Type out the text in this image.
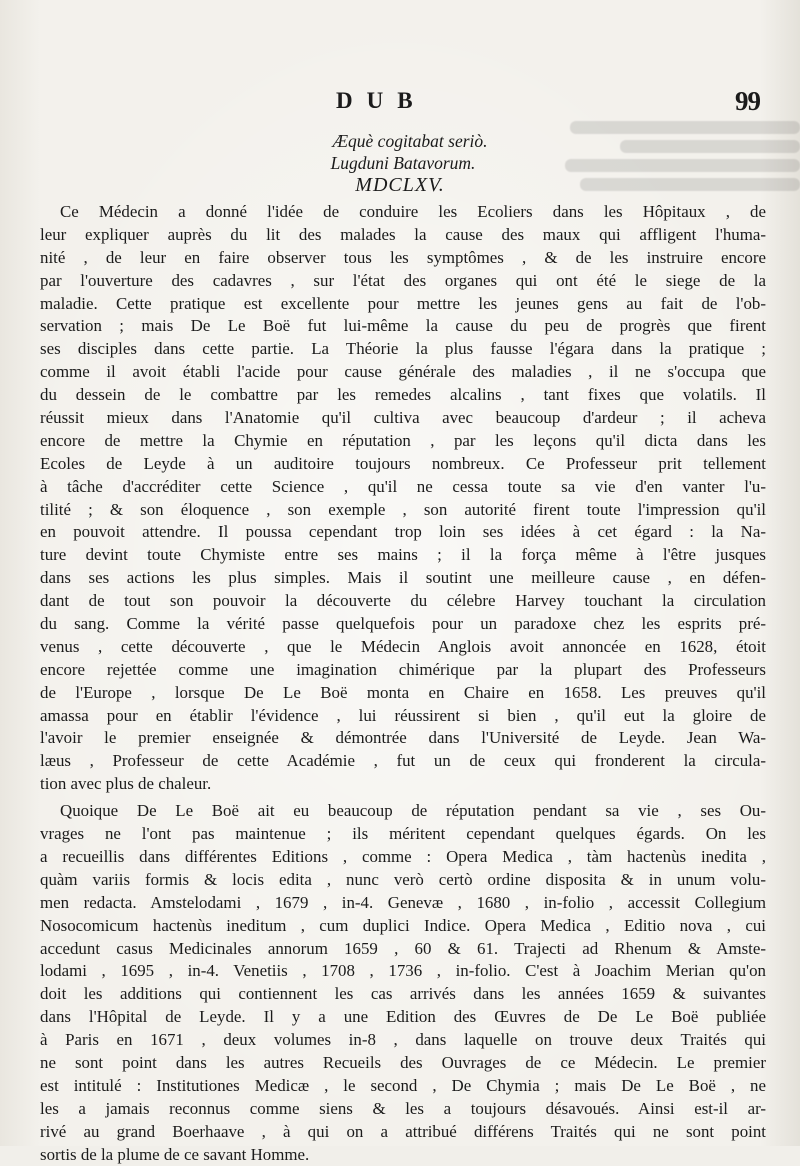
DUB	99
Æquè cogitabat seriò.
Lugduni Batavorum.
MDCLXV.
Ce Médecin a donné l'idée de conduire les Ecoliers dans les Hôpitaux , de
leur expliquer auprès du lit des malades la cause des maux qui affligent l'huma-
nité , de leur en faire observer tous les symptômes , & de les instruire encore
par l'ouverture des cadavres , sur l'état des organes qui ont été le siege de la
maladie. Cette pratique est excellente pour mettre les jeunes gens au fait de l'ob-
servation ; mais De Le Boë fut lui-même la cause du peu de progrès que firent
ses disciples dans cette partie. La Théorie la plus fausse l'égara dans la pratique ;
comme il avoit établi l'acide pour cause générale des maladies , il ne s'occupa que
du dessein de le combattre par les remedes alcalins , tant fixes que volatils. Il
réussit mieux dans l'Anatomie qu'il cultiva avec beaucoup d'ardeur ; il acheva
encore de mettre la Chymie en réputation , par les leçons qu'il dicta dans les
Ecoles de Leyde à un auditoire toujours nombreux. Ce Professeur prit tellement
à tâche d'accréditer cette Science , qu'il ne cessa toute sa vie d'en vanter l'u-
tilité ; & son éloquence , son exemple , son autorité firent toute l'impression qu'il
en pouvoit attendre. Il poussa cependant trop loin ses idées à cet égard : la Na-
ture devint toute Chymiste entre ses mains ; il la força même à l'être jusques
dans ses actions les plus simples. Mais il soutint une meilleure cause , en défen-
dant de tout son pouvoir la découverte du célebre Harvey touchant la circulation
du sang. Comme la vérité passe quelquefois pour un paradoxe chez les esprits pré-
venus , cette découverte , que le Médecin Anglois avoit annoncée en 1628, étoit
encore rejettée comme une imagination chimérique par la plupart des Professeurs
de l'Europe , lorsque De Le Boë monta en Chaire en 1658. Les preuves qu'il
amassa pour en établir l'évidence , lui réussirent si bien , qu'il eut la gloire de
l'avoir le premier enseignée & démontrée dans l'Université de Leyde. Jean Wa-
læus , Professeur de cette Académie , fut un de ceux qui fronderent la circula-
tion avec plus de chaleur.
Quoique De Le Boë ait eu beaucoup de réputation pendant sa vie , ses Ou-
vrages ne l'ont pas maintenue ; ils méritent cependant quelques égards. On les
a recueillis dans différentes Editions , comme : Opera Medica , tàm hactenùs inedita ,
quàm variis formis & locis edita , nunc verò certò ordine disposita & in unum volu-
men redacta. Amstelodami , 1679 , in-4. Genevæ , 1680 , in-folio , accessit Collegium
Nosocomicum hactenùs ineditum , cum duplici Indice. Opera Medica , Editio nova , cui
accedunt casus Medicinales annorum 1659 , 60 & 61. Trajecti ad Rhenum & Amste-
lodami , 1695 , in-4. Venetiis , 1708 , 1736 , in-folio. C'est à Joachim Merian qu'on
doit les additions qui contiennent les cas arrivés dans les années 1659 & suivantes
dans l'Hôpital de Leyde. Il y a une Edition des Œuvres de De Le Boë publiée
à Paris en 1671 , deux volumes in-8 , dans laquelle on trouve deux Traités qui
ne sont point dans les autres Recueils des Ouvrages de ce Médecin. Le premier
est intitulé : Institutiones Medicæ , le second , De Chymia ; mais De Le Boë , ne
les a jamais reconnus comme siens & les a toujours désavoués. Ainsi est-il ar-
rivé au grand Boerhaave , à qui on a attribué différens Traités qui ne sont point
sortis de la plume de ce savant Homme.
